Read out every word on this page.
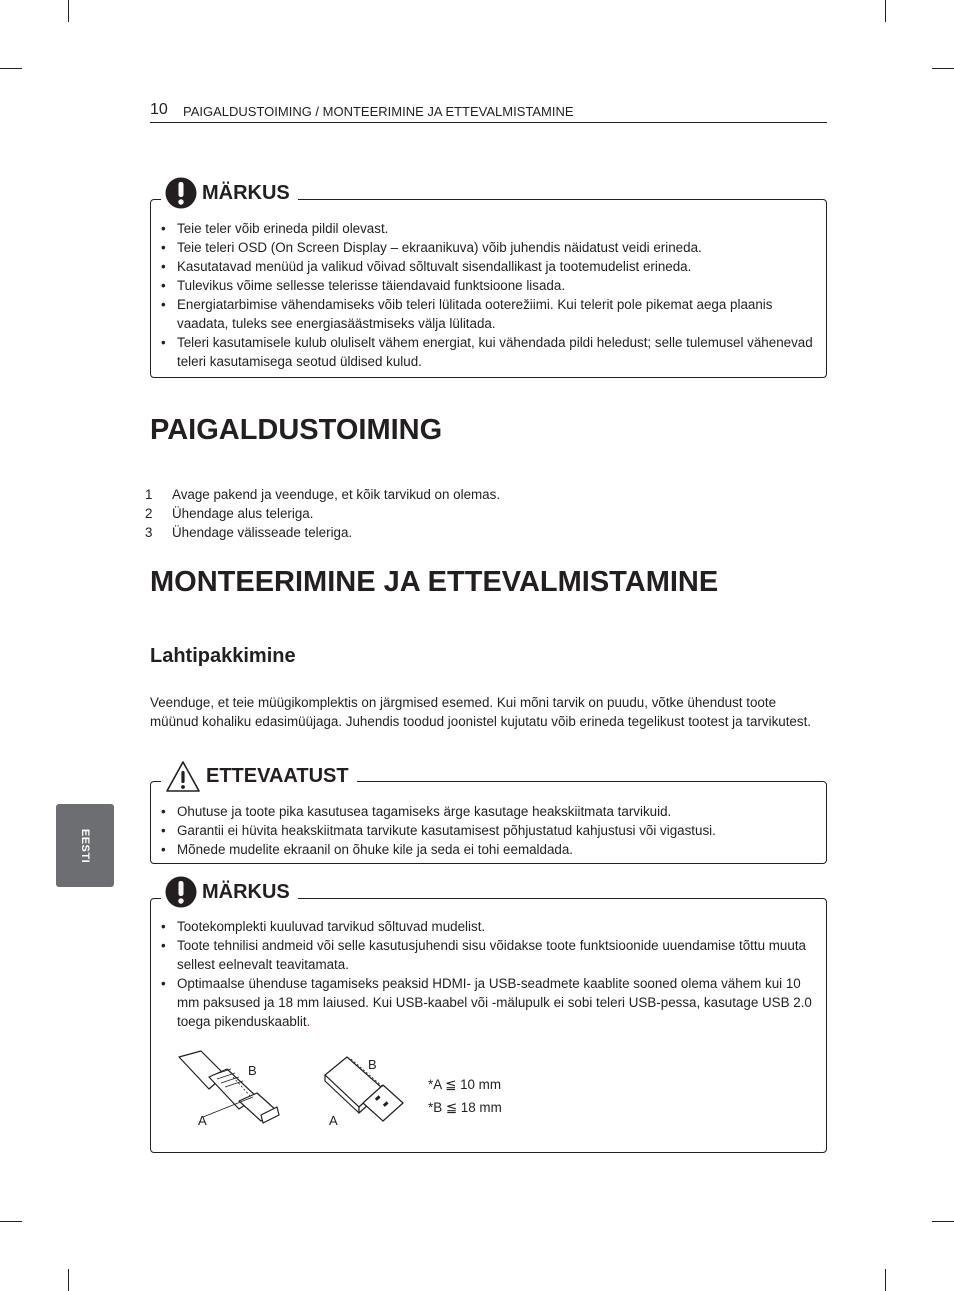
10 PAIGALDUSTOIMING / MONTEERIMINE JA ETTEVALMISTAMINE
MÄRKUS
• Teie teler võib erineda pildil olevast.
• Teie teleri OSD (On Screen Display – ekraanikuva) võib juhendis näidatust veidi erineda.
• Kasutatavad menüüd ja valikud võivad sõltuvalt sisendallikast ja tootemudelist erineda.
• Tulevikus võime sellesse telerisse täiendavaid funktsioone lisada.
• Energiatarbimise vähendamiseks võib teleri lülitada ooterežiimi. Kui telerit pole pikemat aega plaanis vaadata, tuleks see energiasäästmiseks välja lülitada.
• Teleri kasutamisele kulub oluliselt vähem energiat, kui vähendada pildi heledust; selle tulemusel vähenevad teleri kasutamisega seotud üldised kulud.
PAIGALDUSTOIMING
1	Avage pakend ja veenduge, et kõik tarvikud on olemas.
2	Ühendage alus teleriga.
3	Ühendage välisseade teleriga.
MONTEERIMINE JA ETTEVALMISTAMINE
Lahtipakkimine
Veenduge, et teie müügikomplektis on järgmised esemed. Kui mõni tarvik on puudu, võtke ühendust toote müünud kohaliku edasimüüjaga. Juhendis toodud joonistel kujutatu võib erineda tegelikust tootest ja tarvikutest.
ETTEVAATUST
• Ohutuse ja toote pika kasutusea tagamiseks ärge kasutage heakskiitmata tarvikuid.
• Garantii ei hüvita heakskiitmata tarvikute kasutamisest põhjustatud kahjustusi või vigastusi.
• Mõnede mudelite ekraanil on õhuke kile ja seda ei tohi eemaldada.
MÄRKUS
• Tootekomplekti kuuluvad tarvikud sõltuvad mudelist.
• Toote tehnilisi andmeid või selle kasutusjuhendi sisu võidakse toote funktsioonide uuendamise tõttu muuta sellest eelnevalt teavitamata.
• Optimaalse ühenduse tagamiseks peaksid HDMI- ja USB-seadmete kaablite sooned olema vähem kui 10 mm paksused ja 18 mm laiused. Kui USB-kaabel või -mälupulk ei sobi teleri USB-pessa, kasutage USB 2.0 toega pikenduskaablit.
B
A
B
A
*A ≦ 10 mm
*B ≦ 18 mm
EESTI
